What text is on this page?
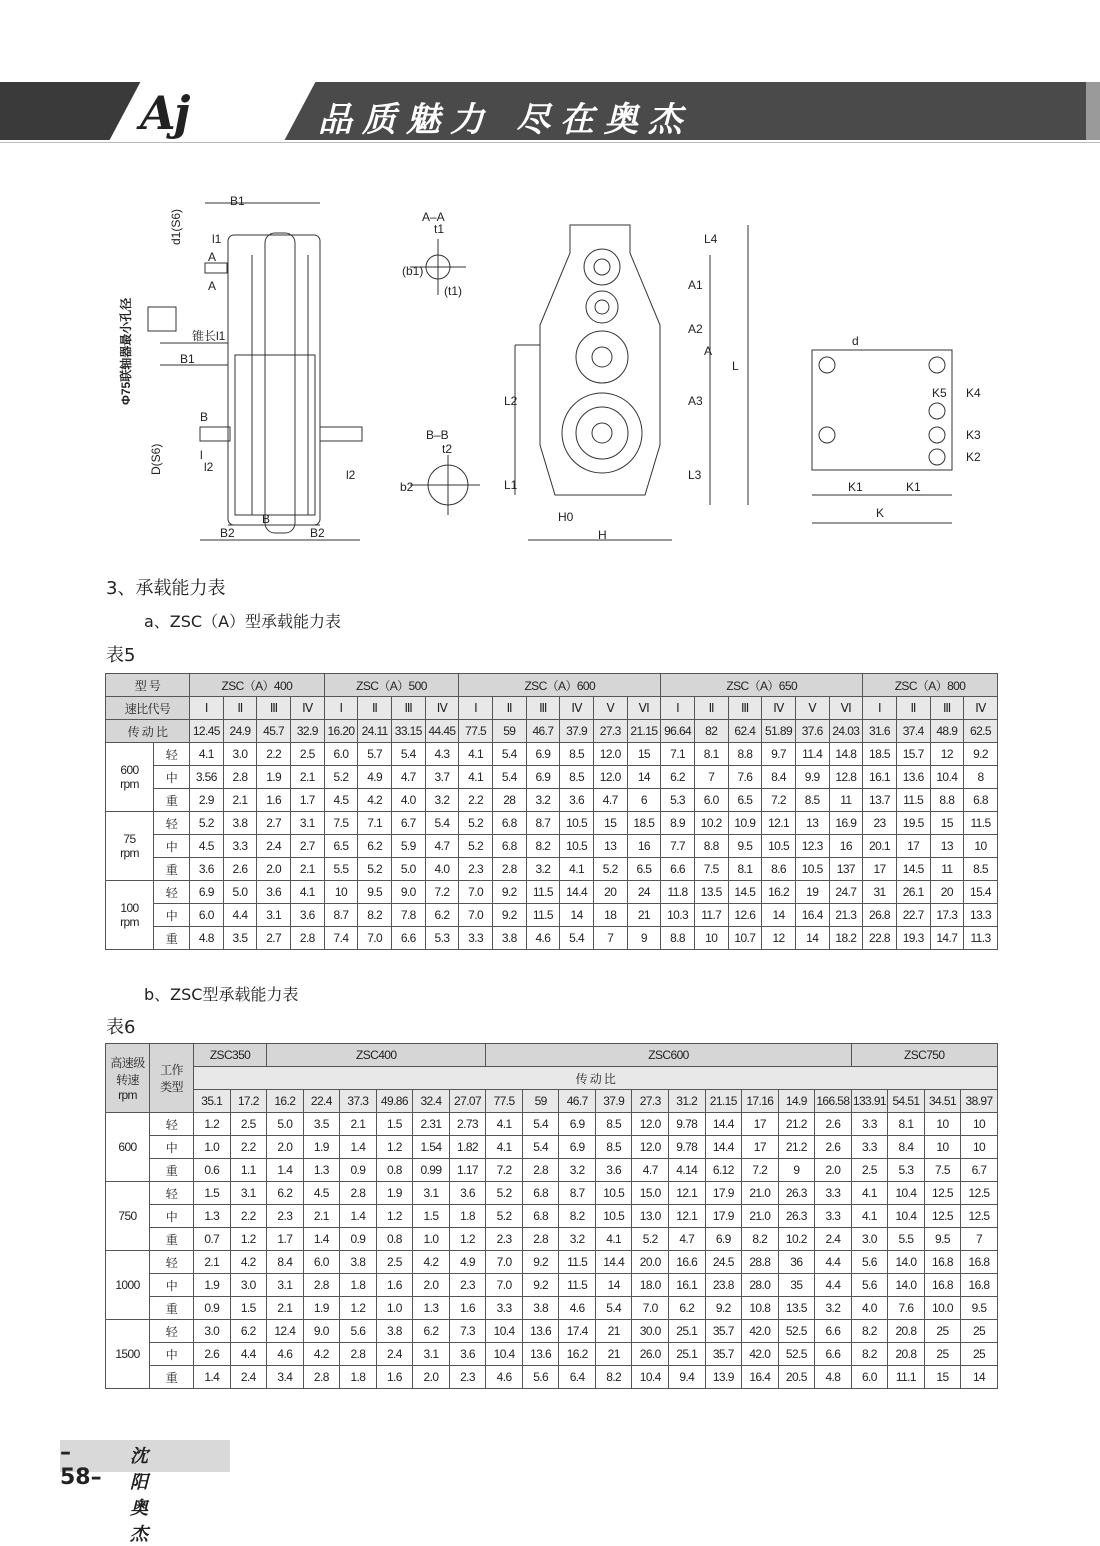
Aj	品质魅力 尽在奥杰
B1
d1(S6) l1
A
A
Φ75联轴器最小孔径	锥长l1
B1
B
l
D(S6)	l2
l2
B
B2	B2
A–A
t1
(b1)
(t1)
B–B
t2
b2
L4
A1
A2
A
L
L2	A3
L1
L3
H0
H
d
K5 K4
K3
K2
K1	K1
K
3、承载能力表
a、ZSC（A）型承载能力表
表5
型 号		ZSC（A）400				ZSC（A）500				ZSC（A）600						ZSC（A）650						ZSC（A）800			
速比代号		Ⅰ	Ⅱ	Ⅲ	Ⅳ	Ⅰ	Ⅱ	Ⅲ	Ⅳ	Ⅰ	Ⅱ	Ⅲ	Ⅳ	Ⅴ	Ⅵ	Ⅰ	Ⅱ	Ⅲ	Ⅳ	Ⅴ	Ⅵ	Ⅰ	Ⅱ	Ⅲ	Ⅳ
传 动 比		12.45	24.9	45.7	32.9	16.20	24.11	33.15	44.45	77.5	59	46.7	37.9	27.3	21.15	96.64	82	62.4	51.89	37.6	24.03	31.6	37.4	48.9	62.5
600
rpm	轻	4.1	3.0	2.2	2.5	6.0	5.7	5.4	4.3	4.1	5.4	6.9	8.5	12.0	15	7.1	8.1	8.8	9.7	11.4	14.8	18.5	15.7	12	9.2
	中	3.56	2.8	1.9	2.1	5.2	4.9	4.7	3.7	4.1	5.4	6.9	8.5	12.0	14	6.2	7	7.6	8.4	9.9	12.8	16.1	13.6	10.4	8
	重	2.9	2.1	1.6	1.7	4.5	4.2	4.0	3.2	2.2	28	3.2	3.6	4.7	6	5.3	6.0	6.5	7.2	8.5	11	13.7	11.5	8.8	6.8
75
rpm	轻	5.2	3.8	2.7	3.1	7.5	7.1	6.7	5.4	5.2	6.8	8.7	10.5	15	18.5	8.9	10.2	10.9	12.1	13	16.9	23	19.5	15	11.5
	中	4.5	3.3	2.4	2.7	6.5	6.2	5.9	4.7	5.2	6.8	8.2	10.5	13	16	7.7	8.8	9.5	10.5	12.3	16	20.1	17	13	10
	重	3.6	2.6	2.0	2.1	5.5	5.2	5.0	4.0	2.3	2.8	3.2	4.1	5.2	6.5	6.6	7.5	8.1	8.6	10.5	137	17	14.5	11	8.5
100
rpm	轻	6.9	5.0	3.6	4.1	10	9.5	9.0	7.2	7.0	9.2	11.5	14.4	20	24	11.8	13.5	14.5	16.2	19	24.7	31	26.1	20	15.4
	中	6.0	4.4	3.1	3.6	8.7	8.2	7.8	6.2	7.0	9.2	11.5	14	18	21	10.3	11.7	12.6	14	16.4	21.3	26.8	22.7	17.3	13.3
	重	4.8	3.5	2.7	2.8	7.4	7.0	6.6	5.3	3.3	3.8	4.6	5.4	7	9	8.8	10	10.7	12	14	18.2	22.8	19.3	14.7	11.3
b、ZSC型承载能力表
表6
高速级
转速
rpm	工作
类型	ZSC350		ZSC400						ZSC600										ZSC750			
		传 动 比																					
		35.1	17.2	16.2	22.4	37.3	49.86	32.4	27.07	77.5	59	46.7	37.9	27.3	31.2	21.15	17.16	14.9	166.58	133.91	54.51	34.51	38.97
600	轻	1.2	2.5	5.0	3.5	2.1	1.5	2.31	2.73	4.1	5.4	6.9	8.5	12.0	9.78	14.4	17	21.2	2.6	3.3	8.1	10	10
	中	1.0	2.2	2.0	1.9	1.4	1.2	1.54	1.82	4.1	5.4	6.9	8.5	12.0	9.78	14.4	17	21.2	2.6	3.3	8.4	10	10
	重	0.6	1.1	1.4	1.3	0.9	0.8	0.99	1.17	7.2	2.8	3.2	3.6	4.7	4.14	6.12	7.2	9	2.0	2.5	5.3	7.5	6.7
750	轻	1.5	3.1	6.2	4.5	2.8	1.9	3.1	3.6	5.2	6.8	8.7	10.5	15.0	12.1	17.9	21.0	26.3	3.3	4.1	10.4	12.5	12.5
	中	1.3	2.2	2.3	2.1	1.4	1.2	1.5	1.8	5.2	6.8	8.2	10.5	13.0	12.1	17.9	21.0	26.3	3.3	4.1	10.4	12.5	12.5
	重	0.7	1.2	1.7	1.4	0.9	0.8	1.0	1.2	2.3	2.8	3.2	4.1	5.2	4.7	6.9	8.2	10.2	2.4	3.0	5.5	9.5	7
1000	轻	2.1	4.2	8.4	6.0	3.8	2.5	4.2	4.9	7.0	9.2	11.5	14.4	20.0	16.6	24.5	28.8	36	4.4	5.6	14.0	16.8	16.8
	中	1.9	3.0	3.1	2.8	1.8	1.6	2.0	2.3	7.0	9.2	11.5	14	18.0	16.1	23.8	28.0	35	4.4	5.6	14.0	16.8	16.8
	重	0.9	1.5	2.1	1.9	1.2	1.0	1.3	1.6	3.3	3.8	4.6	5.4	7.0	6.2	9.2	10.8	13.5	3.2	4.0	7.6	10.0	9.5
1500	轻	3.0	6.2	12.4	9.0	5.6	3.8	6.2	7.3	10.4	13.6	17.4	21	30.0	25.1	35.7	42.0	52.5	6.6	8.2	20.8	25	25
	中	2.6	4.4	4.6	4.2	2.8	2.4	3.1	3.6	10.4	13.6	16.2	21	26.0	25.1	35.7	42.0	52.5	6.6	8.2	20.8	25	25
	重	1.4	2.4	3.4	2.8	1.8	1.6	2.0	2.3	4.6	5.6	6.4	8.2	10.4	9.4	13.9	16.4	20.5	4.8	6.0	11.1	15	14
–58–
沈阳奥杰
